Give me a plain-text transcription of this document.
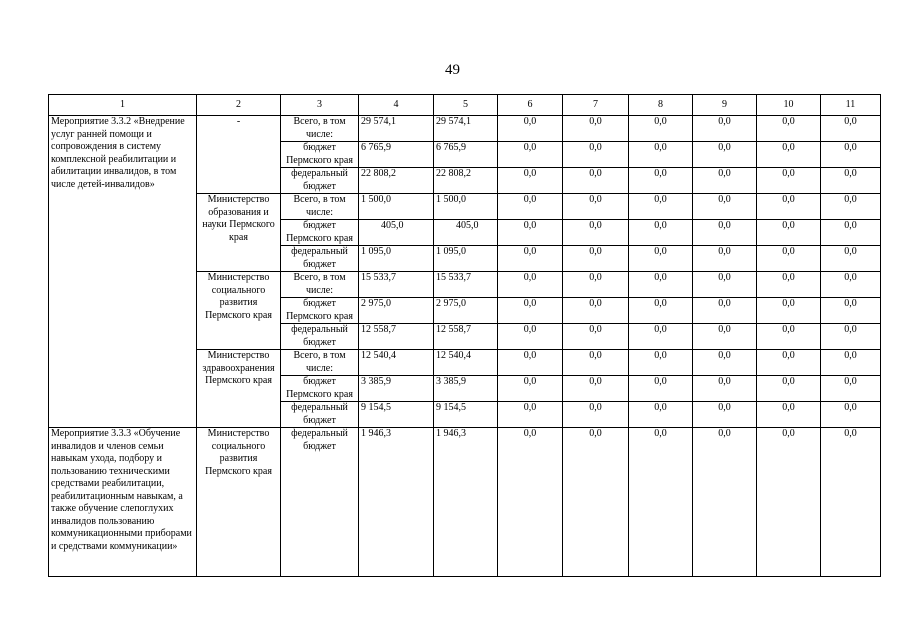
49
1	2	3	4	5	6	7	8	9	10	11
Мероприятие 3.3.2 «Внедрение услуг ранней помощи и сопровождения в систему комплексной реабилитации и абилитации инвалидов, в том числе детей-инвалидов»	-	Всего, в том числе:	29 574,1	29 574,1	0,0	0,0	0,0	0,0	0,0	0,0
		бюджет Пермского края	6 765,9	6 765,9	0,0	0,0	0,0	0,0	0,0	0,0
		федеральный бюджет	22 808,2	22 808,2	0,0	0,0	0,0	0,0	0,0	0,0
	Министерство образования и науки Пермского края	Всего, в том числе:	1 500,0	1 500,0	0,0	0,0	0,0	0,0	0,0	0,0
		бюджет Пермского края	405,0	405,0	0,0	0,0	0,0	0,0	0,0	0,0
		федеральный бюджет	1 095,0	1 095,0	0,0	0,0	0,0	0,0	0,0	0,0
	Министерство социального развития Пермского края	Всего, в том числе:	15 533,7	15 533,7	0,0	0,0	0,0	0,0	0,0	0,0
		бюджет Пермского края	2 975,0	2 975,0	0,0	0,0	0,0	0,0	0,0	0,0
		федеральный бюджет	12 558,7	12 558,7	0,0	0,0	0,0	0,0	0,0	0,0
	Министерство здравоохранения Пермского края	Всего, в том числе:	12 540,4	12 540,4	0,0	0,0	0,0	0,0	0,0	0,0
		бюджет Пермского края	3 385,9	3 385,9	0,0	0,0	0,0	0,0	0,0	0,0
		федеральный бюджет	9 154,5	9 154,5	0,0	0,0	0,0	0,0	0,0	0,0
Мероприятие 3.3.3 «Обучение инвалидов и членов семьи навыкам ухода, подбору и пользованию техническими средствами реабилитации, реабилитационным навыкам, а также обучение слепоглухих инвалидов пользованию коммуникационными приборами и средствами коммуникации»	Министерство социального развития Пермского края	федеральный бюджет	1 946,3	1 946,3	0,0	0,0	0,0	0,0	0,0	0,0
